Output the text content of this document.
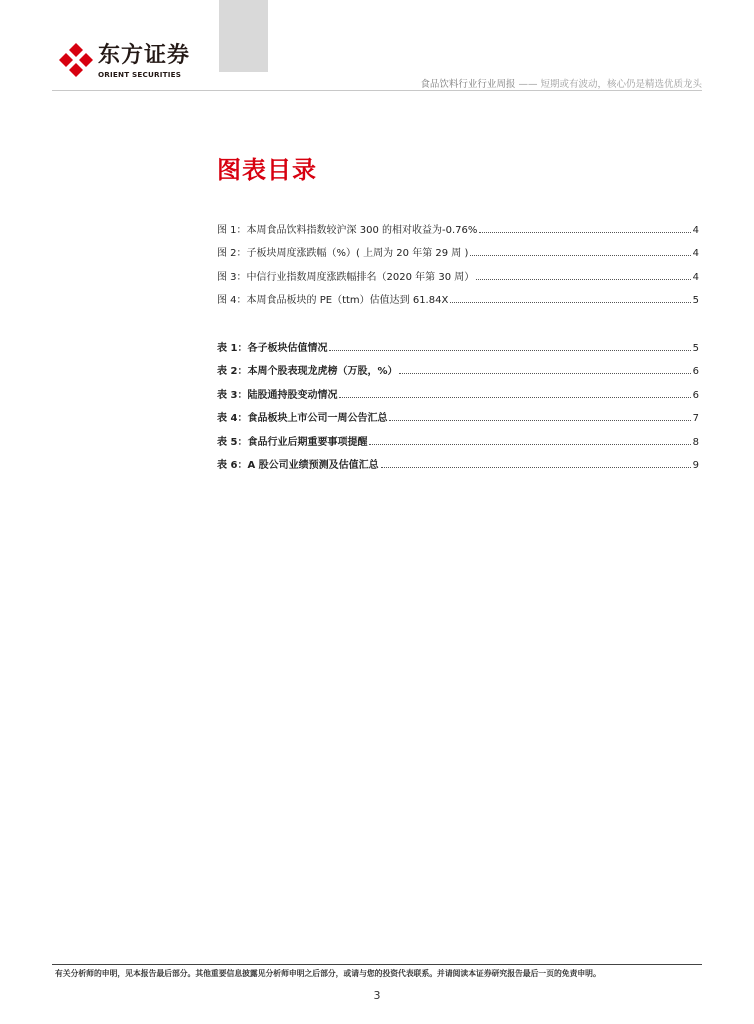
东方证券
ORIENT SECURITIES
食品饮料行业行业周报 —— 短期或有波动，核心仍是精选优质龙头
图表目录
图 1：本周食品饮料指数较沪深 300 的相对收益为-0.76%	4
图 2：子板块周度涨跌幅（%）( 上周为 20 年第 29 周 )	4
图 3：中信行业指数周度涨跌幅排名（2020 年第 30 周）	4
图 4：本周食品板块的 PE（ttm）估值达到 61.84X	5
表 1：各子板块估值情况	5
表 2：本周个股表现龙虎榜（万股，%）	6
表 3：陆股通持股变动情况	6
表 4：食品板块上市公司一周公告汇总	7
表 5：食品行业后期重要事项提醒	8
表 6：A 股公司业绩预测及估值汇总	9
有关分析师的申明，见本报告最后部分。其他重要信息披露见分析师申明之后部分，或请与您的投资代表联系。并请阅读本证券研究报告最后一页的免责申明。
3
